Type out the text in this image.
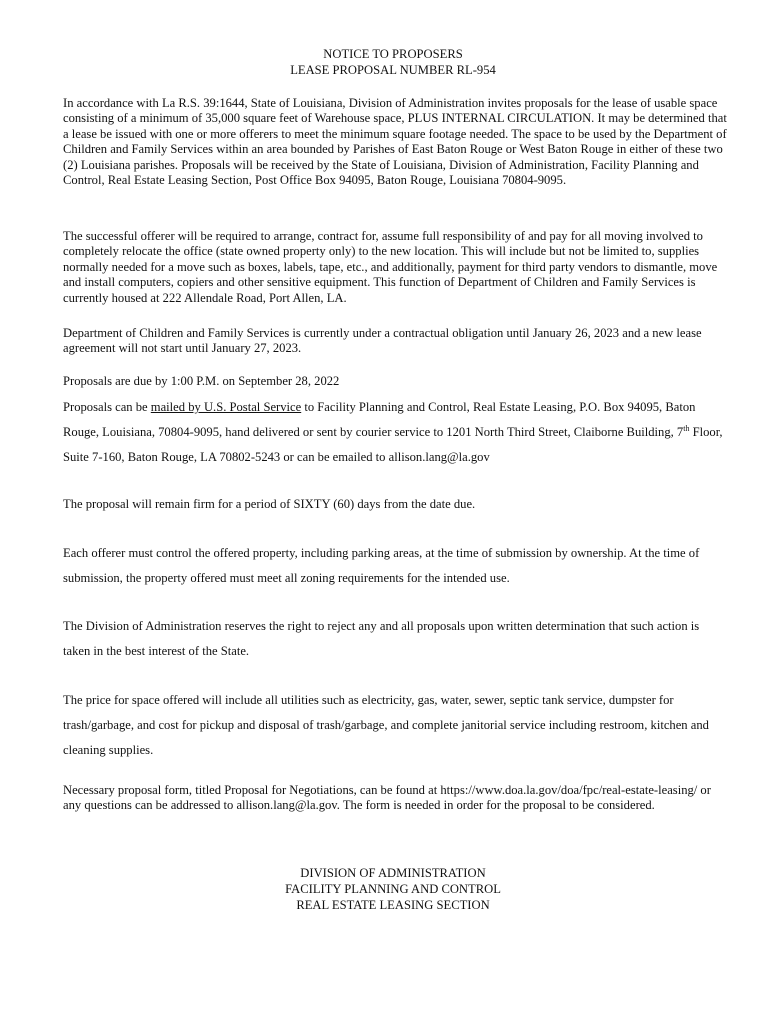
NOTICE TO PROPOSERS
LEASE PROPOSAL NUMBER RL-954
In accordance with La R.S. 39:1644, State of Louisiana, Division of Administration invites proposals for the lease of usable space consisting of a minimum of 35,000 square feet of Warehouse space, PLUS INTERNAL CIRCULATION. It may be determined that a lease be issued with one or more offerers to meet the minimum square footage needed. The space to be used by the Department of Children and Family Services within an area bounded by Parishes of East Baton Rouge or West Baton Rouge in either of these two (2) Louisiana parishes. Proposals will be received by the State of Louisiana, Division of Administration, Facility Planning and Control, Real Estate Leasing Section, Post Office Box 94095, Baton Rouge, Louisiana 70804-9095.
The successful offerer will be required to arrange, contract for, assume full responsibility of and pay for all moving involved to completely relocate the office (state owned property only) to the new location. This will include but not be limited to, supplies normally needed for a move such as boxes, labels, tape, etc., and additionally, payment for third party vendors to dismantle, move and install computers, copiers and other sensitive equipment. This function of Department of Children and Family Services is currently housed at 222 Allendale Road, Port Allen, LA.
Department of Children and Family Services is currently under a contractual obligation until January 26, 2023 and a new lease agreement will not start until January 27, 2023.
Proposals are due by 1:00 P.M. on September 28, 2022
Proposals can be mailed by U.S. Postal Service to Facility Planning and Control, Real Estate Leasing, P.O. Box 94095, Baton Rouge, Louisiana, 70804-9095, hand delivered or sent by courier service to 1201 North Third Street, Claiborne Building, 7th Floor, Suite 7-160, Baton Rouge, LA 70802-5243 or can be emailed to allison.lang@la.gov
The proposal will remain firm for a period of SIXTY (60) days from the date due.
Each offerer must control the offered property, including parking areas, at the time of submission by ownership. At the time of submission, the property offered must meet all zoning requirements for the intended use.
The Division of Administration reserves the right to reject any and all proposals upon written determination that such action is taken in the best interest of the State.
The price for space offered will include all utilities such as electricity, gas, water, sewer, septic tank service, dumpster for trash/garbage, and cost for pickup and disposal of trash/garbage, and complete janitorial service including restroom, kitchen and cleaning supplies.
Necessary proposal form, titled Proposal for Negotiations, can be found at https://www.doa.la.gov/doa/fpc/real-estate-leasing/ or any questions can be addressed to allison.lang@la.gov. The form is needed in order for the proposal to be considered.
DIVISION OF ADMINISTRATION
FACILITY PLANNING AND CONTROL
REAL ESTATE LEASING SECTION
